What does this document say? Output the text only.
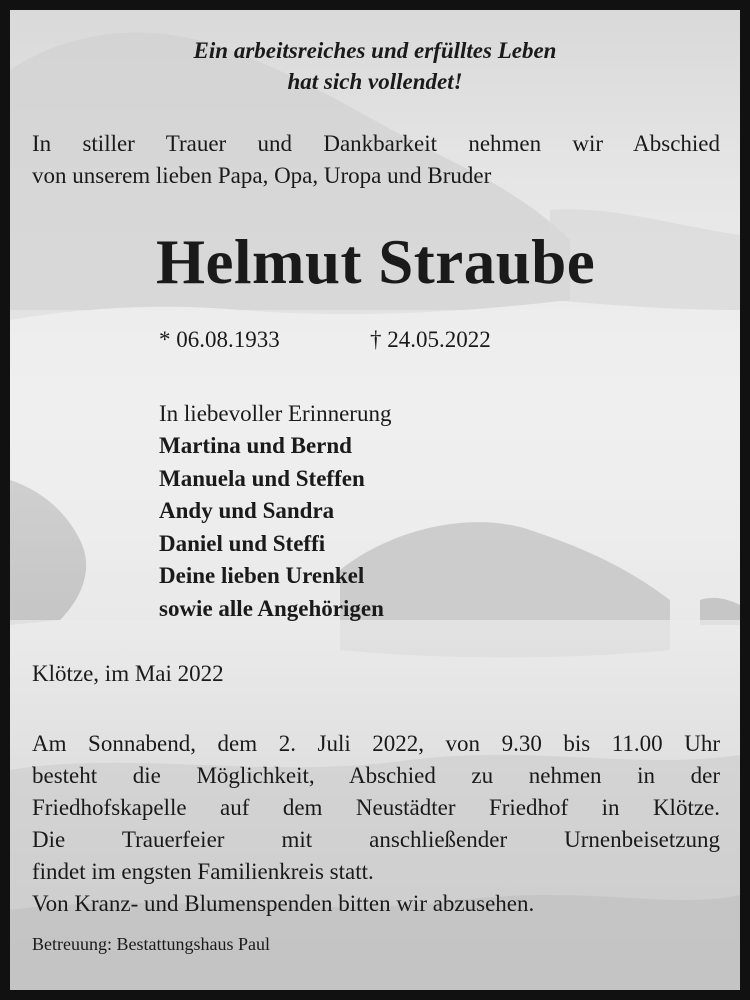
Ein arbeitsreiches und erfülltes Leben

hat sich vollendet!

In stiller Trauer und Dankbarkeit nehmen wir Abschied
von unserem lieben Papa, Opa, Uropa und Bruder
Helmut Straube
* 06.08.1933	† 24.05.2022
In liebevoller Erinnerung
Martina und Bernd
Manuela und Steffen
Andy und Sandra
Daniel und Steffi
Deine lieben Urenkel
sowie alle Angehörigen
Klötze, im Mai 2022
Am Sonnabend, dem 2. Juli 2022, von 9.30 bis 11.00 Uhr
besteht die Möglichkeit, Abschied zu nehmen in der
Friedhofskapelle auf dem Neustädter Friedhof in Klötze.
Die Trauerfeier mit anschließender Urnenbeisetzung
findet im engsten Familienkreis statt.
Von Kranz- und Blumenspenden bitten wir abzusehen.
Betreuung: Bestattungshaus Paul
